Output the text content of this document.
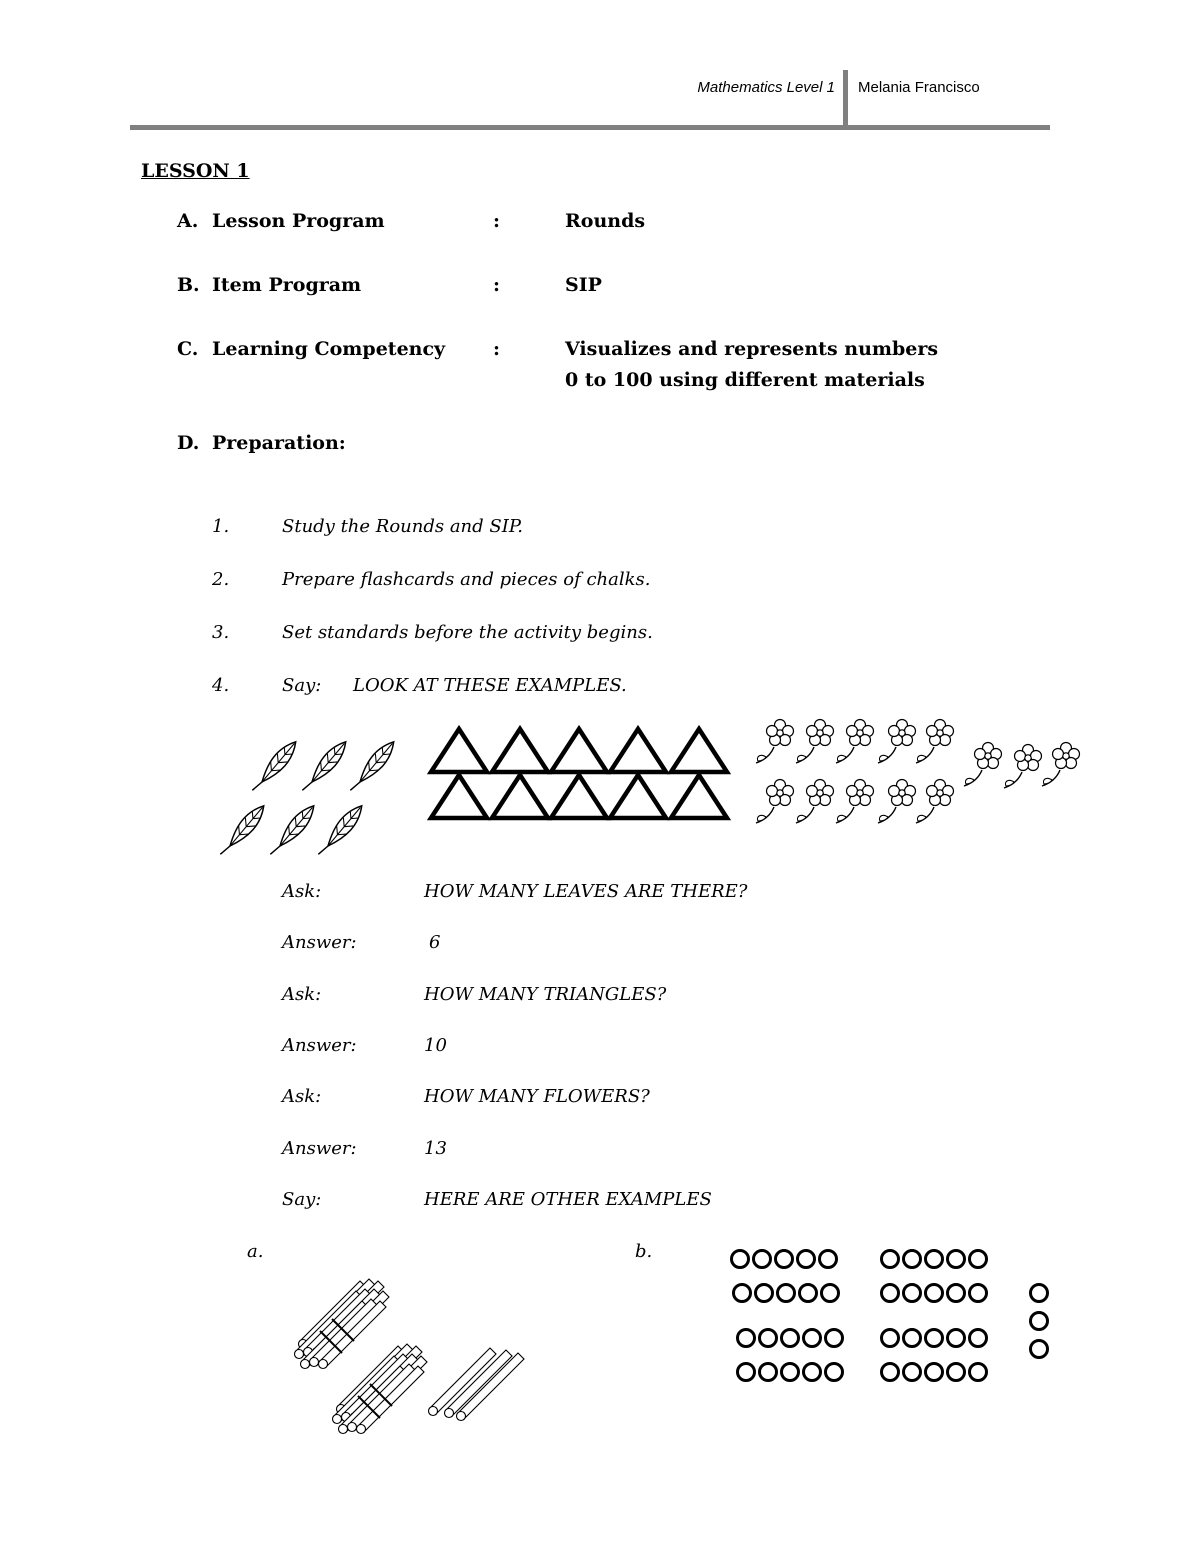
Mathematics Level 1 Melania Francisco
LESSON 1
A. Lesson Program	:	Rounds
B. Item Program	:	SIP
C. Learning Competency	:	Visualizes and represents numbers
0 to 100 using different materials
D. Preparation:
1.	Study the Rounds and SIP.
2.	Prepare flashcards and pieces of chalks.
3.	Set standards before the activity begins.
4.	Say: LOOK AT THESE EXAMPLES.
Ask:	HOW MANY LEAVES ARE THERE?
Answer:	6
Ask:	HOW MANY TRIANGLES?
Answer:	10
Ask:	HOW MANY FLOWERS?
Answer:	13
Say:	HERE ARE OTHER EXAMPLES
a.	b.
